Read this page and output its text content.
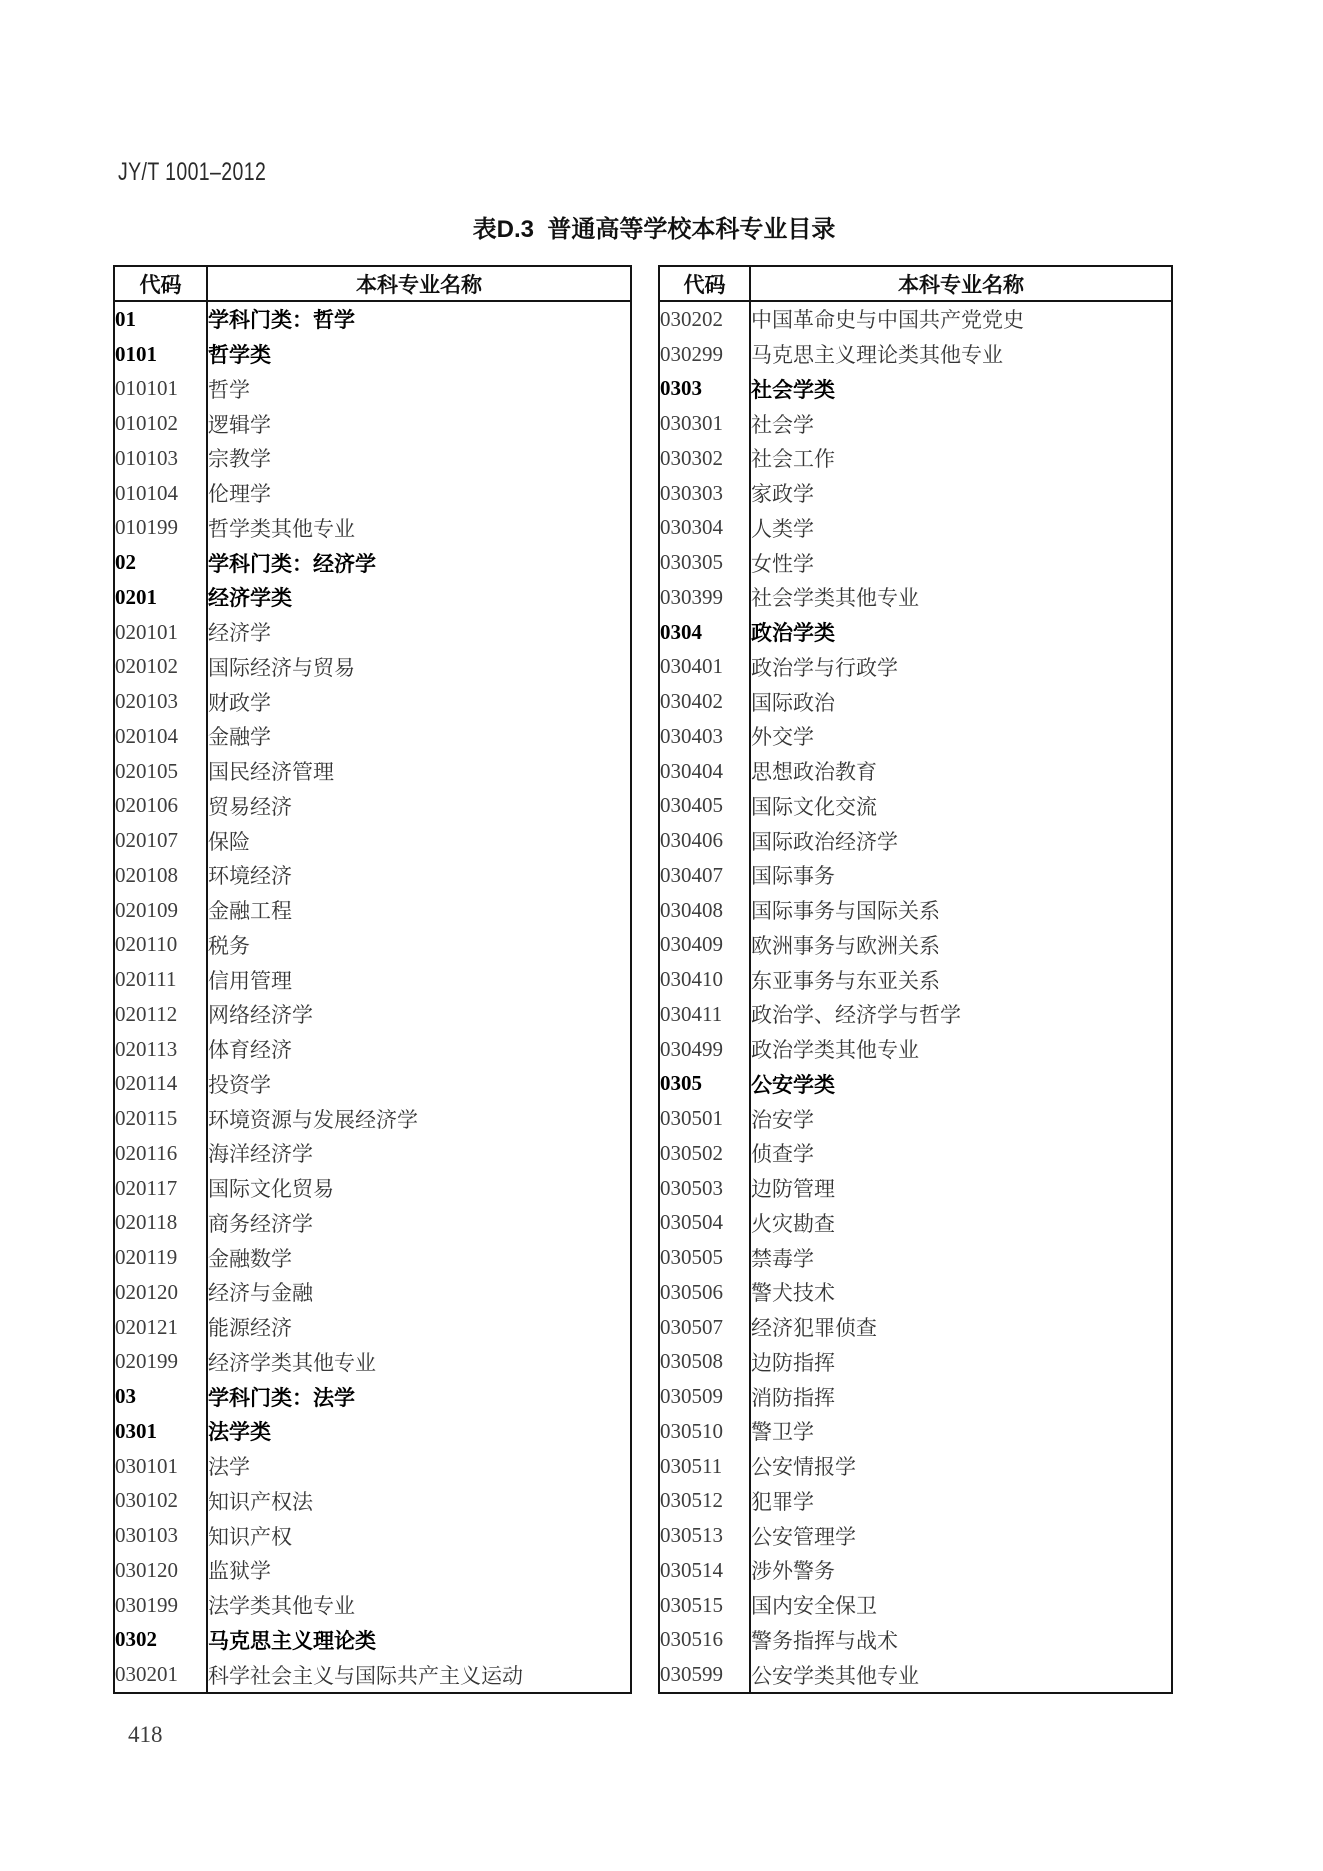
JY/T 1001–2012
表D.3  普通高等学校本科专业目录
代码	本科专业名称
01	学科门类：哲学
0101	哲学类
010101	哲学
010102	逻辑学
010103	宗教学
010104	伦理学
010199	哲学类其他专业
02	学科门类：经济学
0201	经济学类
020101	经济学
020102	国际经济与贸易
020103	财政学
020104	金融学
020105	国民经济管理
020106	贸易经济
020107	保险
020108	环境经济
020109	金融工程
020110	税务
020111	信用管理
020112	网络经济学
020113	体育经济
020114	投资学
020115	环境资源与发展经济学
020116	海洋经济学
020117	国际文化贸易
020118	商务经济学
020119	金融数学
020120	经济与金融
020121	能源经济
020199	经济学类其他专业
03	学科门类：法学
0301	法学类
030101	法学
030102	知识产权法
030103	知识产权
030120	监狱学
030199	法学类其他专业
0302	马克思主义理论类
030201	科学社会主义与国际共产主义运动
代码	本科专业名称
030202	中国革命史与中国共产党党史
030299	马克思主义理论类其他专业
0303	社会学类
030301	社会学
030302	社会工作
030303	家政学
030304	人类学
030305	女性学
030399	社会学类其他专业
0304	政治学类
030401	政治学与行政学
030402	国际政治
030403	外交学
030404	思想政治教育
030405	国际文化交流
030406	国际政治经济学
030407	国际事务
030408	国际事务与国际关系
030409	欧洲事务与欧洲关系
030410	东亚事务与东亚关系
030411	政治学、经济学与哲学
030499	政治学类其他专业
0305	公安学类
030501	治安学
030502	侦查学
030503	边防管理
030504	火灾勘查
030505	禁毒学
030506	警犬技术
030507	经济犯罪侦查
030508	边防指挥
030509	消防指挥
030510	警卫学
030511	公安情报学
030512	犯罪学
030513	公安管理学
030514	涉外警务
030515	国内安全保卫
030516	警务指挥与战术
030599	公安学类其他专业
418
